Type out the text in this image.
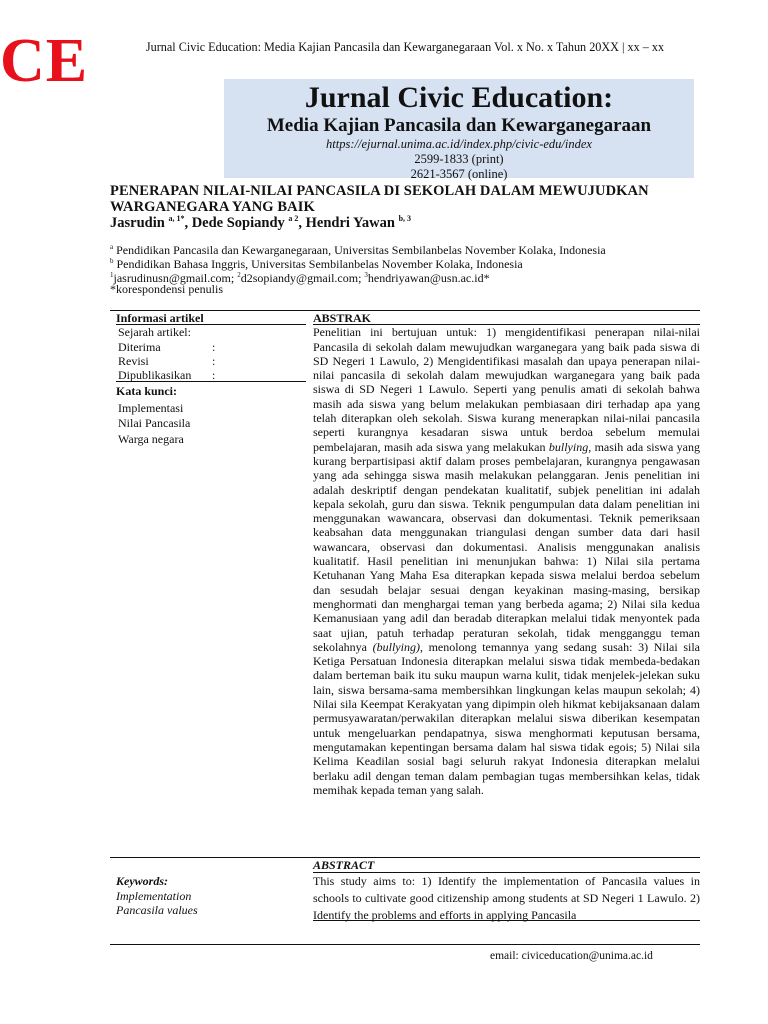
CE	Jurnal Civic Education: Media Kajian Pancasila dan Kewarganegaraan Vol. x No. x Tahun 20XX | xx – xx
Jurnal Civic Education:
Media Kajian Pancasila dan Kewarganegaraan
https://ejurnal.unima.ac.id/index.php/civic-edu/index
2599-1833 (print)
2621-3567 (online)
PENERAPAN NILAI-NILAI PANCASILA DI SEKOLAH DALAM MEWUJUDKAN WARGANEGARA YANG BAIK
Jasrudin $^{a, 1*}$, Dede Sopiandy $^{a 2}$, Hendri Yawan $^{b, 3}$
$^a$ Pendidikan Pancasila dan Kewarganegaraan, Universitas Sembilanbelas November Kolaka, Indonesia
$^b$ Pendidikan Bahasa Inggris, Universitas Sembilanbelas November Kolaka, Indonesia
$^1$jasrudinusn@gmail.com; $^2$d2sopiandy@gmail.com; $^3$hendriyawan@usn.ac.id*
*korespondensi penulis
Informasi artikel
Sejarah artikel:
Diterima	:
Revisi	:
Dipublikasikan	:
Kata kunci:
Implementasi
Nilai Pancasila
Warga negara
ABSTRAK

Penelitian ini bertujuan untuk: 1) mengidentifikasi penerapan nilai-nilai Pancasila di sekolah dalam mewujudkan warganegara yang baik pada siswa di SD Negeri 1 Lawulo, 2) Mengidentifikasi masalah dan upaya penerapan nilai-nilai pancasila di sekolah dalam mewujudkan warganegara yang baik pada siswa di SD Negeri 1 Lawulo. Seperti yang penulis amati di sekolah bahwa masih ada siswa yang belum melakukan pembiasaan diri terhadap apa yang telah diterapkan oleh sekolah. Siswa kurang menerapkan nilai-nilai pancasila seperti kurangnya kesadaran siswa untuk berdoa sebelum memulai pembelajaran, masih ada siswa yang melakukan bullying, masih ada siswa yang kurang berpartisipasi aktif dalam proses pembelajaran, kurangnya pengawasan yang ada sehingga siswa masih melakukan pelanggaran. Jenis penelitian ini adalah deskriptif dengan pendekatan kualitatif, subjek penelitian ini adalah kepala sekolah, guru dan siswa. Teknik pengumpulan data dalam penelitian ini menggunakan wawancara, observasi dan dokumentasi. Teknik pemeriksaan keabsahan data menggunakan triangulasi dengan sumber data dari hasil wawancara, observasi dan dokumentasi. Analisis menggunakan analisis kualitatif. Hasil penelitian ini menunjukan bahwa: 1) Nilai sila pertama Ketuhanan Yang Maha Esa diterapkan kepada siswa melalui berdoa sebelum dan sesudah belajar sesuai dengan keyakinan masing-masing, bersikap menghormati dan menghargai teman yang berbeda agama; 2) Nilai sila kedua Kemanusiaan yang adil dan beradab diterapkan melalui tidak menyontek pada saat ujian, patuh terhadap peraturan sekolah, tidak mengganggu teman sekolahnya (bullying), menolong temannya yang sedang susah: 3) Nilai sila Ketiga Persatuan Indonesia diterapkan melalui siswa tidak membeda-bedakan dalam berteman baik itu suku maupun warna kulit, tidak menjelek-jelekan suku lain, siswa bersama-sama membersihkan lingkungan kelas maupun sekolah; 4) Nilai sila Keempat Kerakyatan yang dipimpin oleh hikmat kebijaksanaan dalam permusyawaratan/perwakilan diterapkan melalui siswa diberikan kesempatan untuk mengeluarkan pendapatnya, siswa menghormati keputusan bersama, mengutamakan kepentingan bersama dalam hal siswa tidak egois; 5) Nilai sila Kelima Keadilan sosial bagi seluruh rakyat Indonesia diterapkan melalui berlaku adil dengan teman dalam pembagian tugas membersihkan kelas, tidak memihak kepada teman yang salah.

ABSTRACT

This study aims to: 1) Identify the implementation of Pancasila values in schools to cultivate good citizenship among students at SD Negeri 1 Lawulo. 2) Identify the problems and efforts in applying Pancasila

Keywords:
Implementation
Pancasila values
email: civiceducation@unima.ac.id
